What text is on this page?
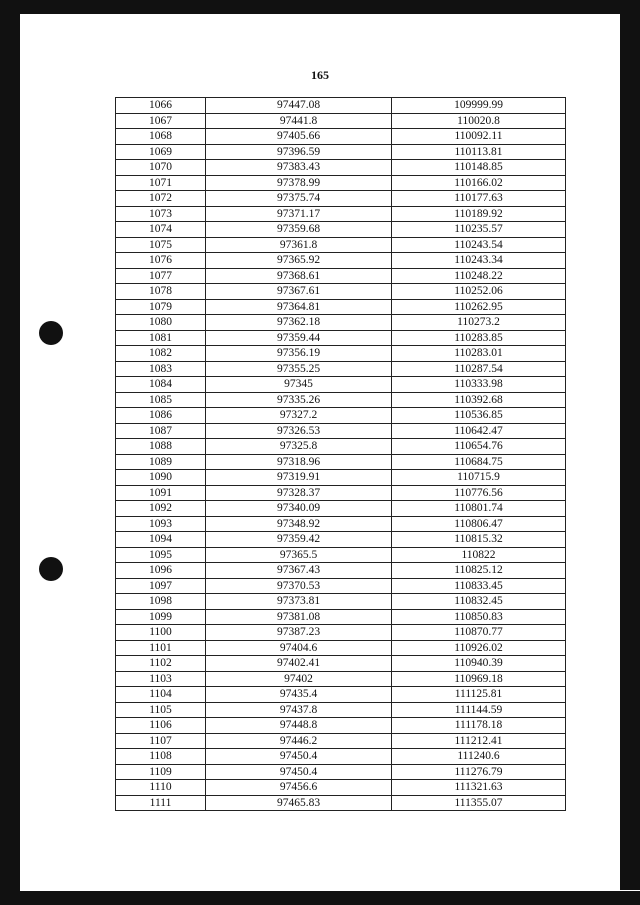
165
1066	97447.08	109999.99
1067	97441.8	110020.8
1068	97405.66	110092.11
1069	97396.59	110113.81
1070	97383.43	110148.85
1071	97378.99	110166.02
1072	97375.74	110177.63
1073	97371.17	110189.92
1074	97359.68	110235.57
1075	97361.8	110243.54
1076	97365.92	110243.34
1077	97368.61	110248.22
1078	97367.61	110252.06
1079	97364.81	110262.95
1080	97362.18	110273.2
1081	97359.44	110283.85
1082	97356.19	110283.01
1083	97355.25	110287.54
1084	97345	110333.98
1085	97335.26	110392.68
1086	97327.2	110536.85
1087	97326.53	110642.47
1088	97325.8	110654.76
1089	97318.96	110684.75
1090	97319.91	110715.9
1091	97328.37	110776.56
1092	97340.09	110801.74
1093	97348.92	110806.47
1094	97359.42	110815.32
1095	97365.5	110822
1096	97367.43	110825.12
1097	97370.53	110833.45
1098	97373.81	110832.45
1099	97381.08	110850.83
1100	97387.23	110870.77
1101	97404.6	110926.02
1102	97402.41	110940.39
1103	97402	110969.18
1104	97435.4	111125.81
1105	97437.8	111144.59
1106	97448.8	111178.18
1107	97446.2	111212.41
1108	97450.4	111240.6
1109	97450.4	111276.79
1110	97456.6	111321.63
1111	97465.83	111355.07
